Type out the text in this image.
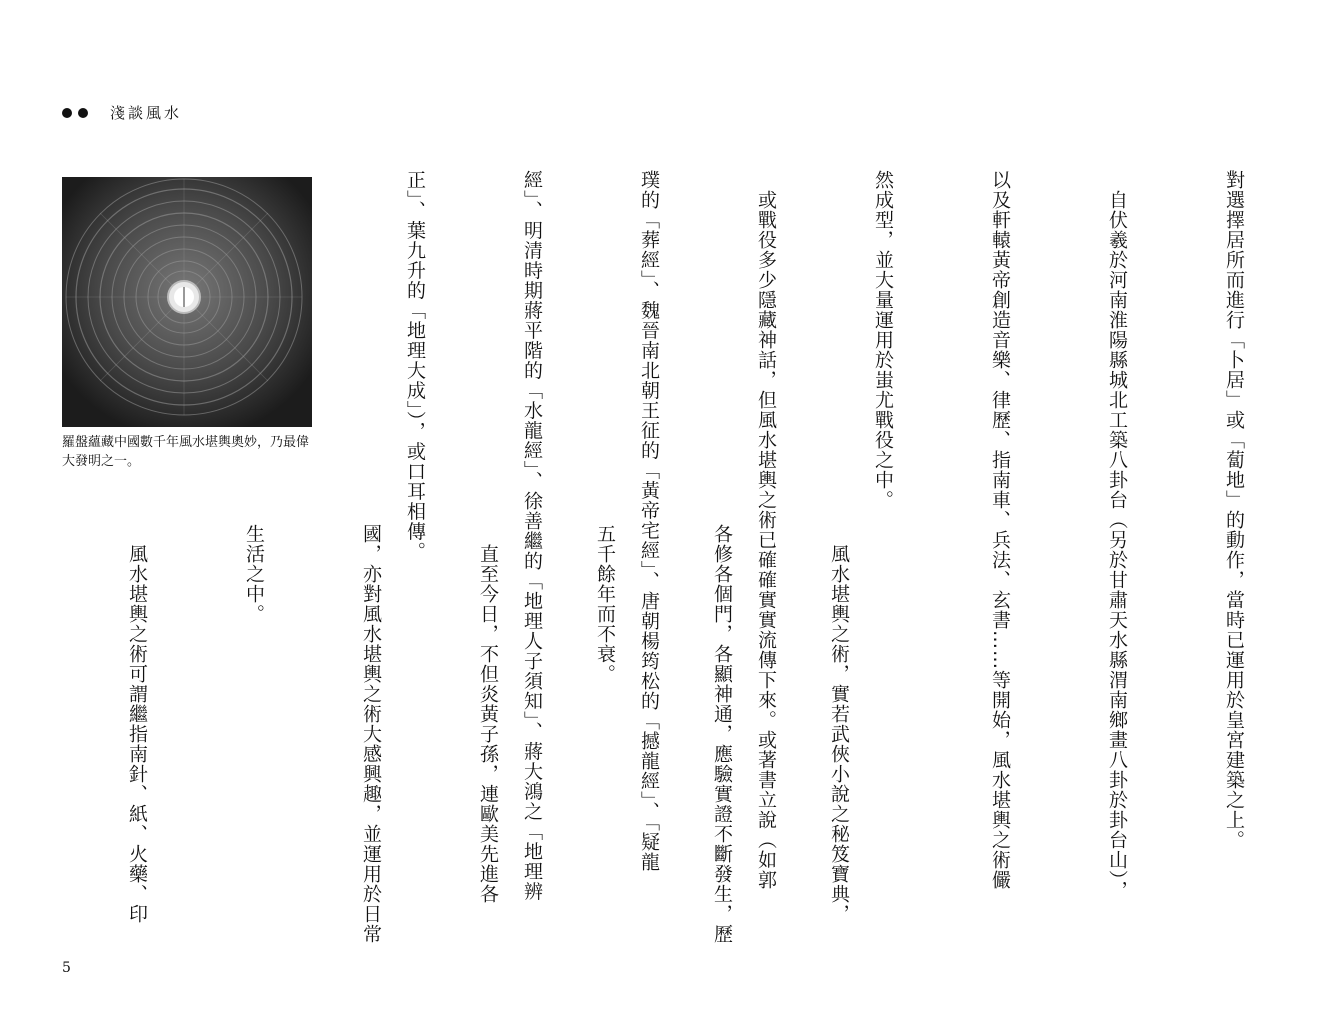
淺談風水
羅盤蘊藏中國數千年風水堪輿奧妙，乃最偉大發明之一。

	對選擇居所而進行「卜居」或「蔔地」的動作，當時已運用於皇宮建築之上。

　自伏羲於河南淮陽縣城北工築八卦台（另於甘肅天水縣渭南鄉畫八卦於卦台山），

以及軒轅黃帝創造音樂、律歷、指南車、兵法、玄書……等開始，風水堪輿之術儼

然成型，並大量運用於蚩尤戰役之中。

　或戰役多少隱藏神話，但風水堪輿之術已確確實實流傳下來。或著書立說（如郭

璞的「葬經」、魏晉南北朝王征的「黃帝宅經」、唐朝楊筠松的「撼龍經」、「疑龍

經」、明清時期蔣平階的「水龍經」、徐善繼的「地理人子須知」、蔣大鴻之「地理辨

正」、葉九升的「地理大成」），或口耳相傳。

　風水堪輿之術，實若武俠小說之秘笈寶典，

各修各個門，各顯神通，應驗實證不斷發生，歷

五千餘年而不衰。

　直至今日，不但炎黃子孫，連歐美先進各

國，亦對風水堪輿之術大感興趣，並運用於日常

生活之中。

　風水堪輿之術可謂繼指南針、紙、火藥、印

5
